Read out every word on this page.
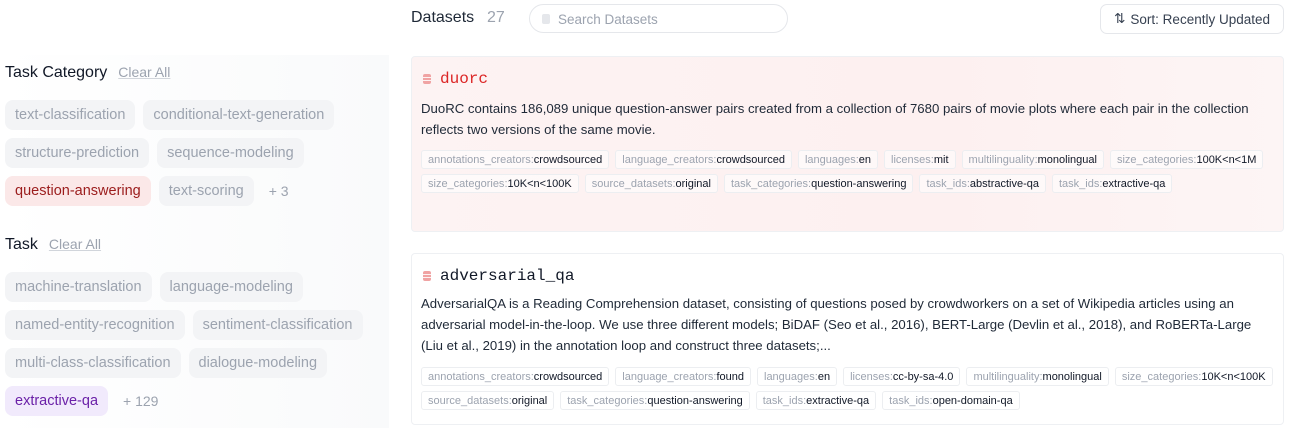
Datasets 27
Search Datasets	⇅ Sort: Recently Updated
Task Category Clear All
text-classification	conditional-text-generation
structure-prediction	sequence-modeling
question-answering	text-scoring	+ 3
Task Clear All
machine-translation	language-modeling
named-entity-recognition	sentiment-classification
multi-class-classification	dialogue-modeling
extractive-qa	+ 129
duorc
DuoRC contains 186,089 unique question-answer pairs created from a collection of 7680 pairs of movie plots where each pair in the collection reflects two versions of the same movie.
annotations_creators : crowdsourced language_creators : crowdsourced languages : en licenses : mit multilinguality : monolingual size_categories : 100K<n<1M
size_categories : 10K<n<100K source_datasets : original task_categories : question-answering task_ids : abstractive-qa task_ids : extractive-qa
adversarial_qa
AdversarialQA is a Reading Comprehension dataset, consisting of questions posed by crowdworkers on a set of Wikipedia articles using an adversarial model-in-the-loop. We use three different models; BiDAF (Seo et al., 2016), BERT-Large (Devlin et al., 2018), and RoBERTa-Large (Liu et al., 2019) in the annotation loop and construct three datasets;...
annotations_creators : crowdsourced language_creators : found languages : en licenses : cc-by-sa-4.0 multilinguality : monolingual size_categories : 10K<n<100K
source_datasets : original task_categories : question-answering task_ids : extractive-qa task_ids : open-domain-qa
